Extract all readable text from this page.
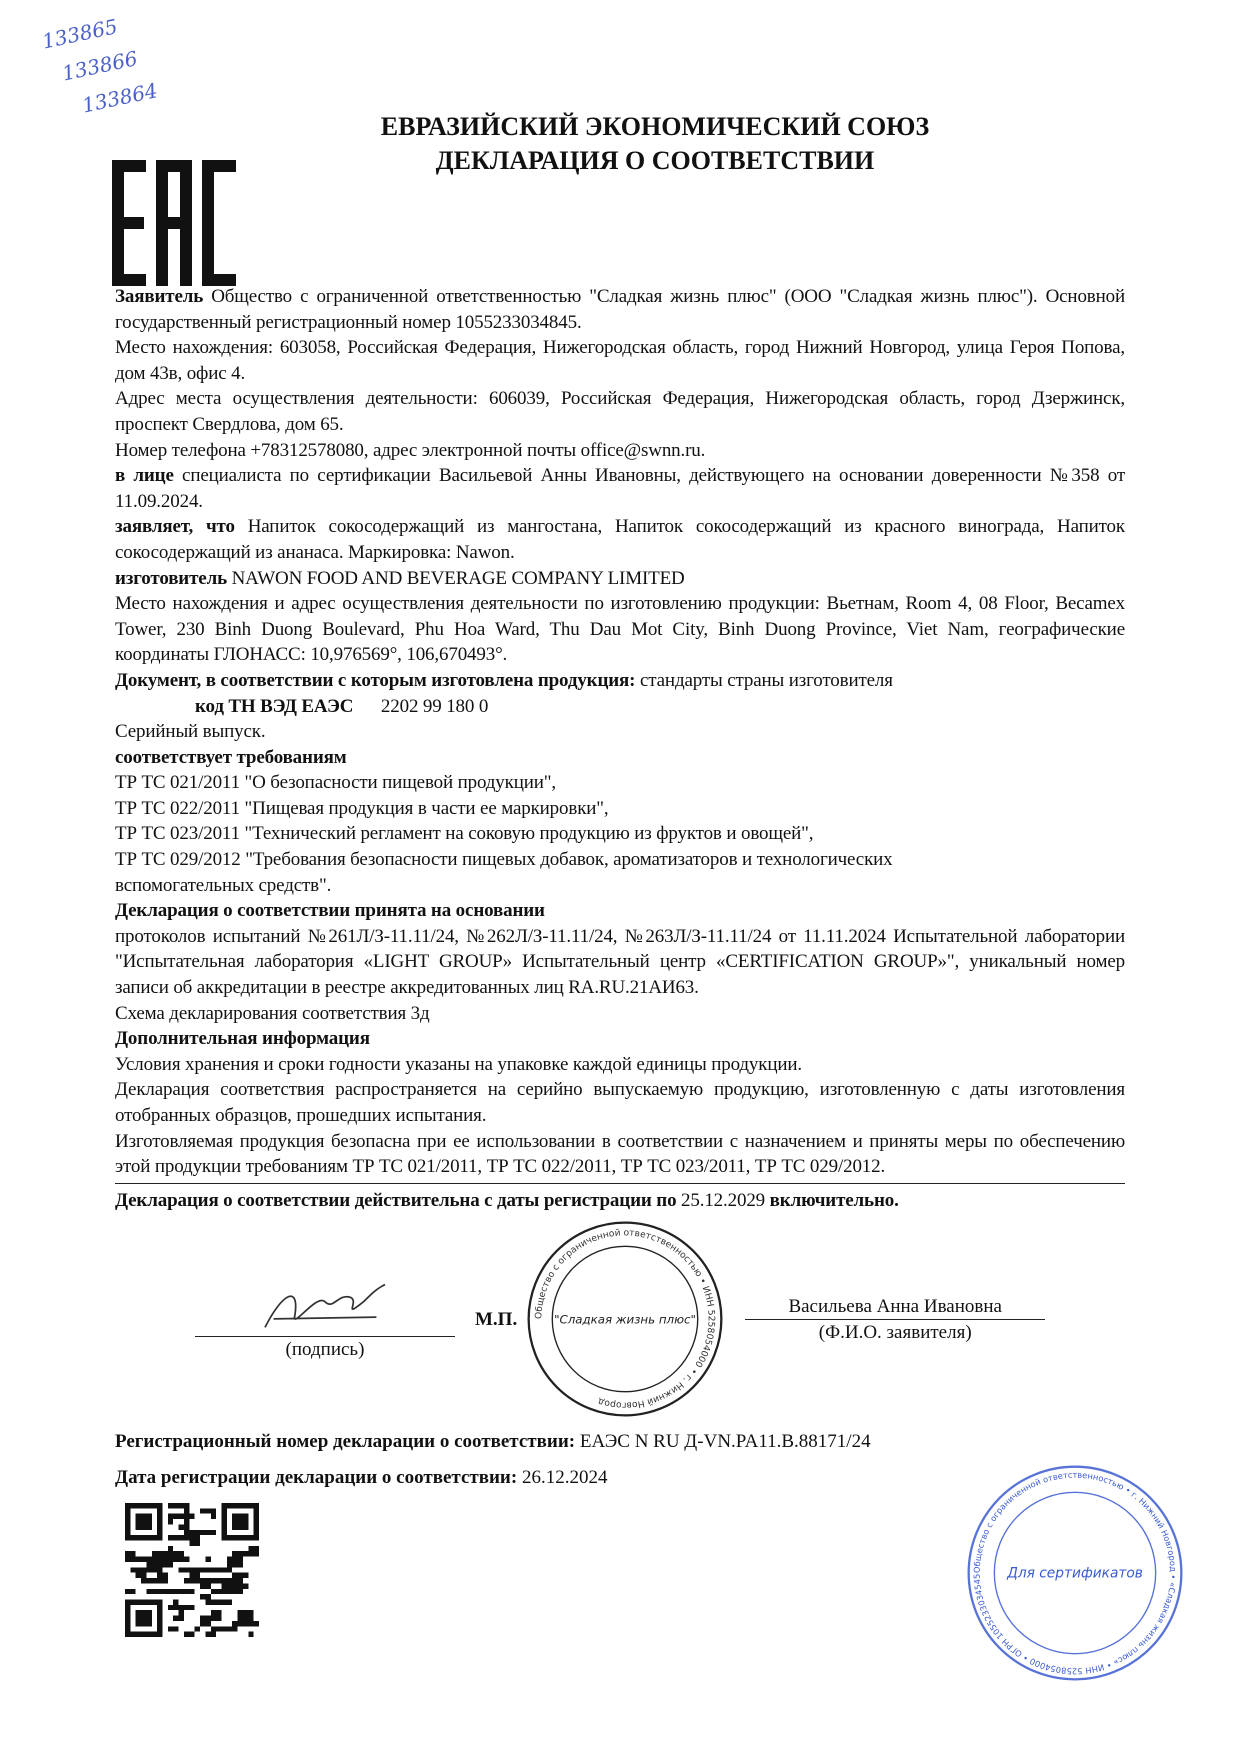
133865
133866
133864
ЕВРАЗИЙСКИЙ ЭКОНОМИЧЕСКИЙ СОЮЗ
ДЕКЛАРАЦИЯ О СООТВЕТСТВИИ

Заявитель Общество с ограниченной ответственностью "Сладкая жизнь плюс" (ООО "Сладкая жизнь плюс"). Основной государственный регистрационный номер 1055233034845.

Место нахождения: 603058, Российская Федерация, Нижегородская область, город Нижний Новгород, улица Героя Попова, дом 43в, офис 4.

Адрес места осуществления деятельности: 606039, Российская Федерация, Нижегородская область, город Дзержинск, проспект Свердлова, дом 65.

Номер телефона +78312578080, адрес электронной почты office@swnn.ru.

в лице специалиста по сертификации Васильевой Анны Ивановны, действующего на основании доверенности №358 от 11.09.2024.

заявляет, что Напиток сокосодержащий из мангостана, Напиток сокосодержащий из красного винограда, Напиток сокосодержащий из ананаса. Маркировка: Nawon.

изготовитель NAWON FOOD AND BEVERAGE COMPANY LIMITED

Место нахождения и адрес осуществления деятельности по изготовлению продукции: Вьетнам, Room 4, 08 Floor, Becamex Tower, 230 Binh Duong Boulevard, Phu Hoa Ward, Thu Dau Mot City, Binh Duong Province, Viet Nam, географические координаты ГЛОНАСС: 10,976569°, 106,670493°.

Документ, в соответствии с которым изготовлена продукция: стандарты страны изготовителя

код ТН ВЭД ЕАЭС 2202 99 180 0

Серийный выпуск.

соответствует требованиям

ТР ТС 021/2011 "О безопасности пищевой продукции",

ТР ТС 022/2011 "Пищевая продукция в части ее маркировки",

ТР ТС 023/2011 "Технический регламент на соковую продукцию из фруктов и овощей",

ТР ТС 029/2012 "Требования безопасности пищевых добавок, ароматизаторов и технологических вспомогательных средств".

Декларация о соответствии принята на основании

протоколов испытаний №261Л/З-11.11/24, №262Л/З-11.11/24, №263Л/З-11.11/24 от 11.11.2024 Испытательной лаборатории "Испытательная лаборатория «LIGHT GROUP» Испытательный центр «CERTIFICATION GROUP»", уникальный номер записи об аккредитации в реестре аккредитованных лиц RA.RU.21АИ63.

Схема декларирования соответствия 3д

Дополнительная информация

Условия хранения и сроки годности указаны на упаковке каждой единицы продукции.

Декларация соответствия распространяется на серийно выпускаемую продукцию, изготовленную с даты изготовления отобранных образцов, прошедших испытания.

Изготовляемая продукция безопасна при ее использовании в соответствии с назначением и приняты меры по обеспечению этой продукции требованиям ТР ТС 021/2011, ТР ТС 022/2011, ТР ТС 023/2011, ТР ТС 029/2012.

Декларация о соответствии действительна с даты регистрации по 25.12.2029 включительно.

(подпись)
М.П. Общество с ограниченной ответственностью • ИНН 5258054000 • г. Нижний Новгород
"Сладкая жизнь плюс"
Васильева Анна Ивановна
(Ф.И.О. заявителя)
Регистрационный номер декларации о соответствии: ЕАЭС N RU Д-VN.PA11.B.88171/24
Дата регистрации декларации о соответствии: 26.12.2024
Общество с ограниченной ответственностью • г. Нижний Новгород • «Сладкая жизнь плюс» • ИНН 5258054000 • ОГРН 1055233034545	Для сертификатов
